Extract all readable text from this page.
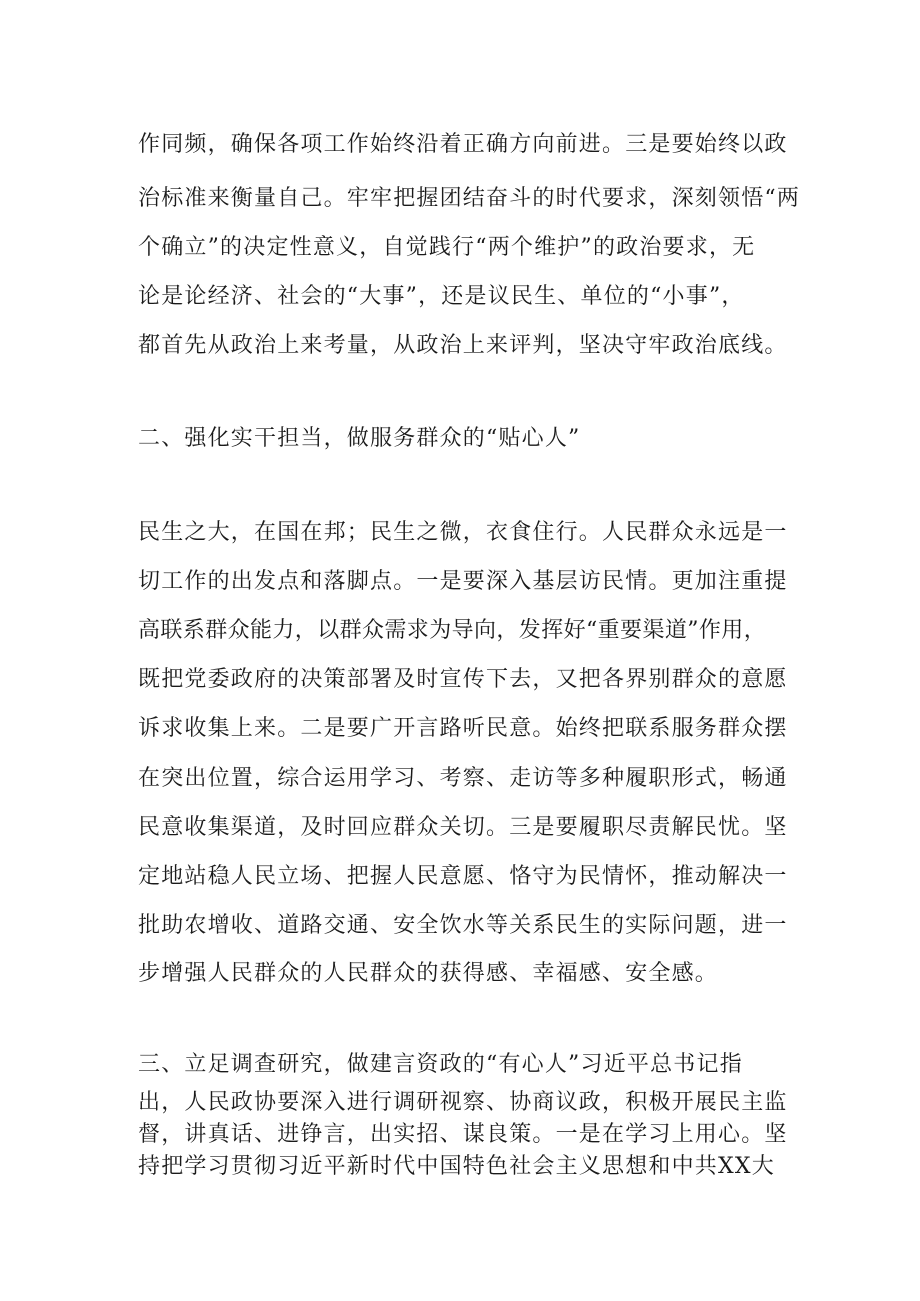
作同频，确保各项工作始终沿着正确方向前进。三是要始终以政

治标准来衡量自己。牢牢把握团结奋斗的时代要求，深刻领悟“两

个确立”的决定性意义，自觉践行“两个维护”的政治要求，无

论是论经济、社会的“大事”，还是议民生、单位的“小事”，

都首先从政治上来考量，从政治上来评判，坚决守牢政治底线。

二、强化实干担当，做服务群众的“贴心人”

民生之大，在国在邦；民生之微，衣食住行。人民群众永远是一

切工作的出发点和落脚点。一是要深入基层访民情。更加注重提

高联系群众能力，以群众需求为导向，发挥好“重要渠道”作用，

既把党委政府的决策部署及时宣传下去，又把各界别群众的意愿

诉求收集上来。二是要广开言路听民意。始终把联系服务群众摆

在突出位置，综合运用学习、考察、走访等多种履职形式，畅通

民意收集渠道，及时回应群众关切。三是要履职尽责解民忧。坚

定地站稳人民立场、把握人民意愿、恪守为民情怀，推动解决一

批助农增收、道路交通、安全饮水等关系民生的实际问题，进一

步增强人民群众的人民群众的获得感、幸福感、安全感。

三、立足调查研究，做建言资政的“有心人”习近平总书记指

出，人民政协要深入进行调研视察、协商议政，积极开展民主监

督，讲真话、进铮言，出实招、谋良策。一是在学习上用心。坚

持把学习贯彻习近平新时代中国特色社会主义思想和中共XX大
